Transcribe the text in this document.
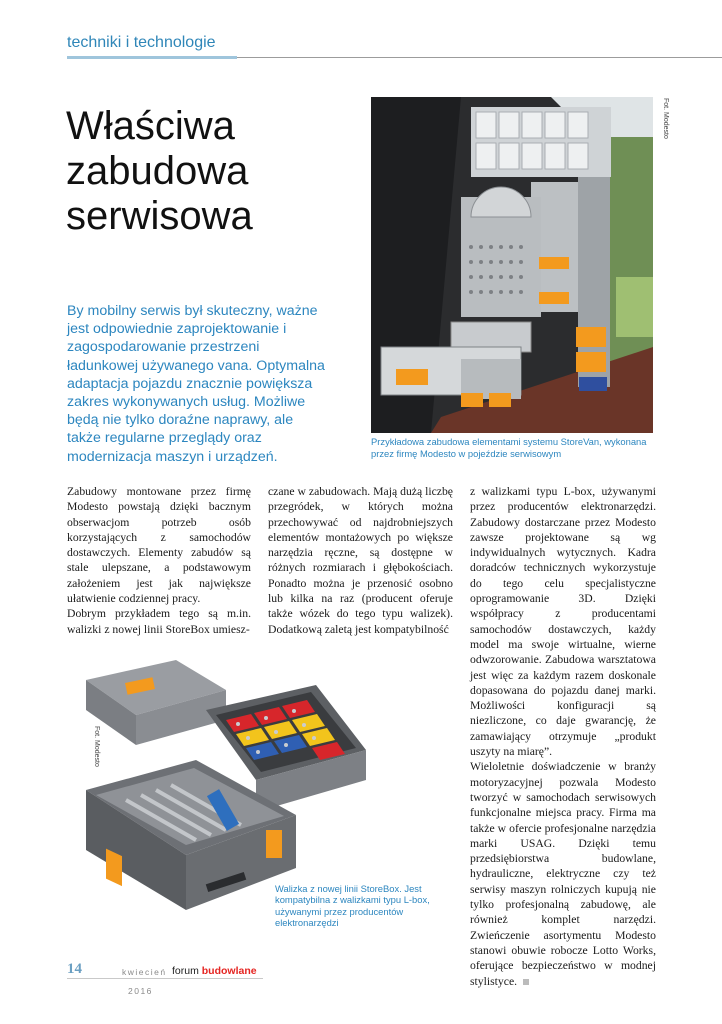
techniki i technologie
Właściwa
zabudowa
serwisowa

By mobilny serwis był skuteczny, ważne jest odpowiednie zaprojektowanie i zagospodarowanie przestrzeni ładunkowej używanego vana. Optymalna adaptacja pojazdu znacznie powiększa zakres wykonywanych usług. Możliwe będą nie tylko doraźne naprawy, ale także regularne przeglądy oraz modernizacja maszyn i urządzeń.

Fot. Modesto

Przykładowa zabudowa elementami systemu StoreVan, wykonana przez firmę Modesto w pojeździe serwisowym

Zabudowy montowane przez firmę Modesto powstają dzięki bacznym obserwacjom potrzeb osób korzystających z samochodów dostawczych. Elementy zabudów są stale ulepszane, a podstawowym założeniem jest jak największe ułatwienie codziennej pracy.
Dobrym przykładem tego są m.in. walizki z nowej linii StoreBox umiesz-

czane w zabudowach. Mają dużą liczbę przegródek, w których można przechowywać od najdrobniejszych elementów montażowych po większe narzędzia ręczne, są dostępne w różnych rozmiarach i głębokościach. Ponadto można je przenosić osobno lub kilka na raz (producent oferuje także wózek do tego typu walizek). Dodatkową zaletą jest kompatybilność

z walizkami typu L-box, używanymi przez producentów elektronarzędzi. Zabudowy dostarczane przez Modesto zawsze projektowane są wg indywidualnych wytycznych. Kadra doradców technicznych wykorzystuje do tego celu specjalistyczne oprogramowanie 3D. Dzięki współpracy z producentami samochodów dostawczych, każdy model ma swoje wirtualne, wierne odwzorowanie. Zabudowa warsztatowa jest więc za każdym razem doskonale dopasowana do pojazdu danej marki. Możliwości konfiguracji są niezliczone, co daje gwarancję, że zamawiający otrzymuje „produkt uszyty na miarę”.
Wieloletnie doświadczenie w branży motoryzacyjnej pozwala Modesto tworzyć w samochodach serwisowych funkcjonalne miejsca pracy. Firma ma także w ofercie profesjonalne narzędzia marki USAG. Dzięki temu przedsiębiorstwa budowlane, hydrauliczne, elektryczne czy też serwisy maszyn rolniczych kupują nie tylko profesjonalną zabudowę, ale również komplet narzędzi. Zwieńczenie asortymentu Modesto stanowi obuwie robocze Lotto Works, oferujące bezpieczeństwo w modnej stylistyce.

Fot. Modesto

Walizka z nowej linii StoreBox. Jest kompatybilna z walizkami typu L-box, używanymi przez producentów elektronarzędzi

14	kwiecień forum budowlane
2016
